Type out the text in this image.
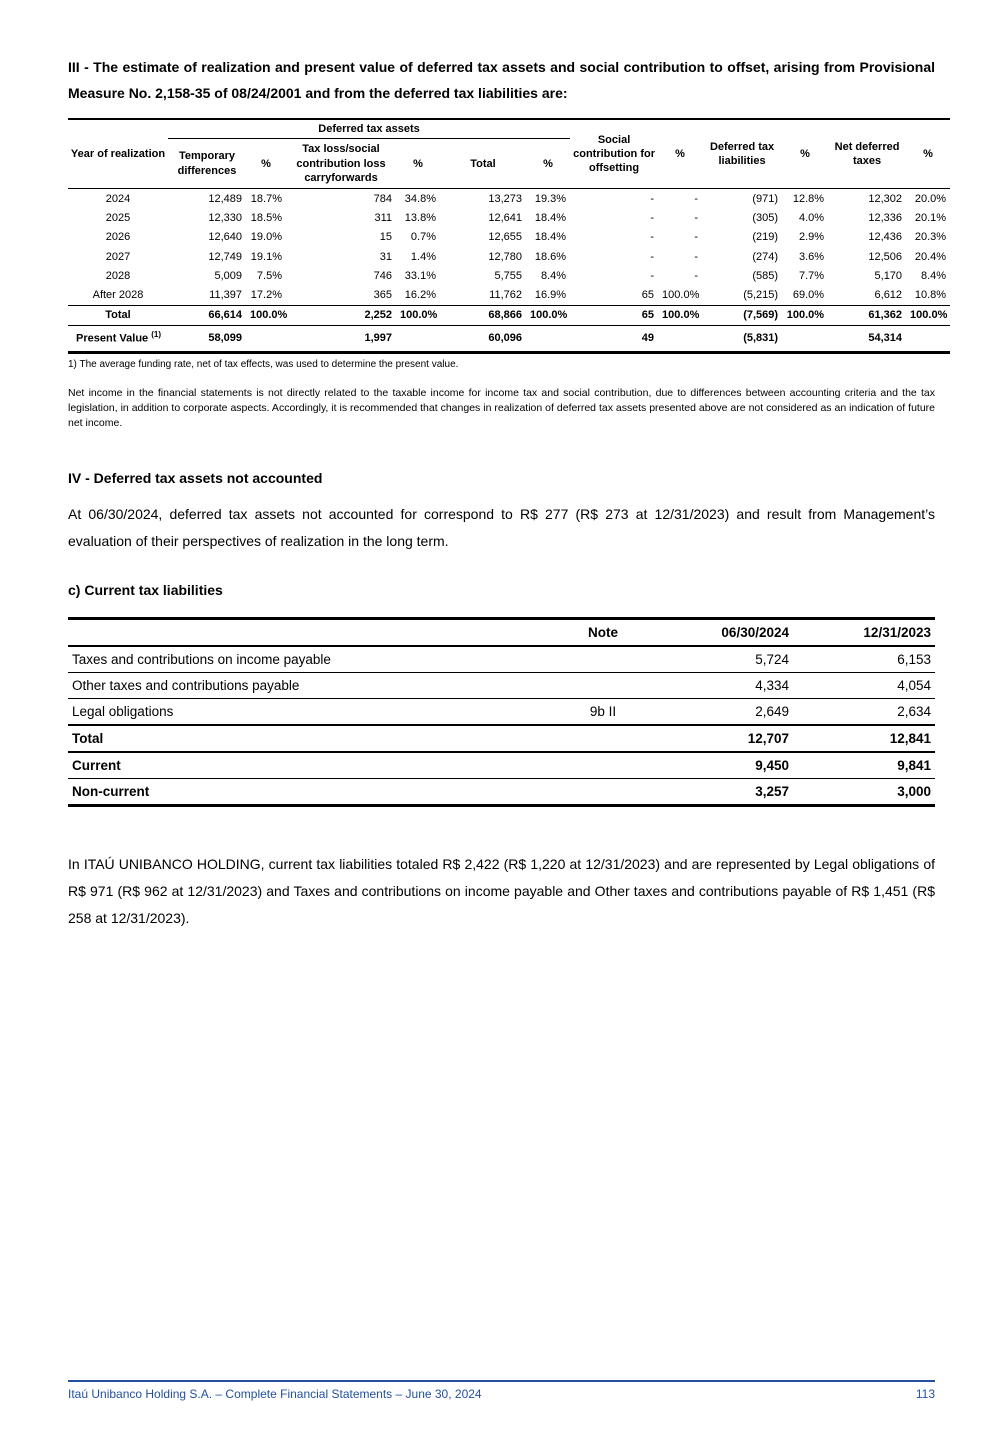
III - The estimate of realization and present value of deferred tax assets and social contribution to offset, arising from Provisional Measure No. 2,158-35 of 08/24/2001 and from the deferred tax liabilities are:
Year of realization	Deferred tax assets						Social contribution for offsetting	%	Deferred tax liabilities	%	Net deferred taxes	%
	Temporary differences	%	Tax loss/social contribution loss carryforwards	%	Total	%						
2024	12,489	18.7%	784	34.8%	13,273	19.3%	-	-	(971)	12.8%	12,302	20.0%
2025	12,330	18.5%	311	13.8%	12,641	18.4%	-	-	(305)	4.0%	12,336	20.1%
2026	12,640	19.0%	15	0.7%	12,655	18.4%	-	-	(219)	2.9%	12,436	20.3%
2027	12,749	19.1%	31	1.4%	12,780	18.6%	-	-	(274)	3.6%	12,506	20.4%
2028	5,009	7.5%	746	33.1%	5,755	8.4%	-	-	(585)	7.7%	5,170	8.4%
After 2028	11,397	17.2%	365	16.2%	11,762	16.9%	65	100.0%	(5,215)	69.0%	6,612	10.8%
Total	66,614	100.0%	2,252	100.0%	68,866	100.0%	65	100.0%	(7,569)	100.0%	61,362	100.0%
Present Value $^{(1)}$	58,099		1,997		60,096		49		(5,831)		54,314	
1) The average funding rate, net of tax effects, was used to determine the present value.
Net income in the financial statements is not directly related to the taxable income for income tax and social contribution, due to differences between accounting criteria and the tax legislation, in addition to corporate aspects. Accordingly, it is recommended that changes in realization of deferred tax assets presented above are not considered as an indication of future net income.
IV - Deferred tax assets not accounted
At 06/30/2024, deferred tax assets not accounted for correspond to R$ 277 (R$ 273 at 12/31/2023) and result from Management’s evaluation of their perspectives of realization in the long term.
c) Current tax liabilities
	Note	06/30/2024	12/31/2023
Taxes and contributions on income payable		5,724	6,153
Other taxes and contributions payable		4,334	4,054
Legal obligations	9b II	2,649	2,634
Total		12,707	12,841
Current		9,450	9,841
Non-current		3,257	3,000
In ITAÚ UNIBANCO HOLDING, current tax liabilities totaled R$ 2,422 (R$ 1,220 at 12/31/2023) and are represented by Legal obligations of R$ 971 (R$ 962 at 12/31/2023) and Taxes and contributions on income payable and Other taxes and contributions payable of R$ 1,451 (R$ 258 at 12/31/2023).
Itaú Unibanco Holding S.A. – Complete Financial Statements – June 30, 2024	113
